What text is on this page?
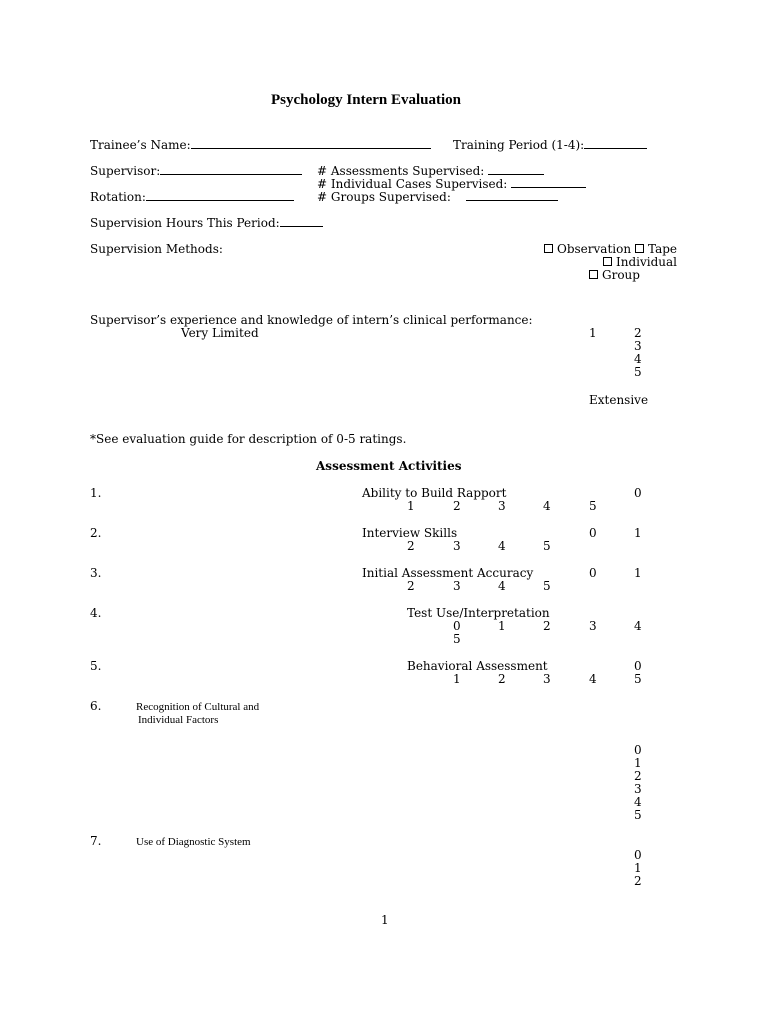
Psychology Intern Evaluation
Trainee’s Name:	Training Period (1-4):
Supervisor:	# Assessments Supervised:
# Individual Cases Supervised:
Rotation:	# Groups Supervised:
Supervision Hours This Period:
Supervision Methods:	Observation	Tape
Individual
Group
Supervisor’s experience and knowledge of intern’s clinical performance:
Very Limited	1	2
3
4
5
Extensive
*See evaluation guide for description of 0-5 ratings.
Assessment Activities
1.	Ability to Build Rapport	0
1	2	3	4	5
2.	Interview Skills	0	1
2	3	4	5
3.	Initial Assessment Accuracy	0	1
2	3	4	5
4.	Test Use/Interpretation
0	1	2	3	4
5
5.	Behavioral Assessment	0
1	2	3	4	5
6.	Recognition of Cultural and
Individual Factors
0
1
2
3
4
5
7.	Use of Diagnostic System
0
1
2
1
